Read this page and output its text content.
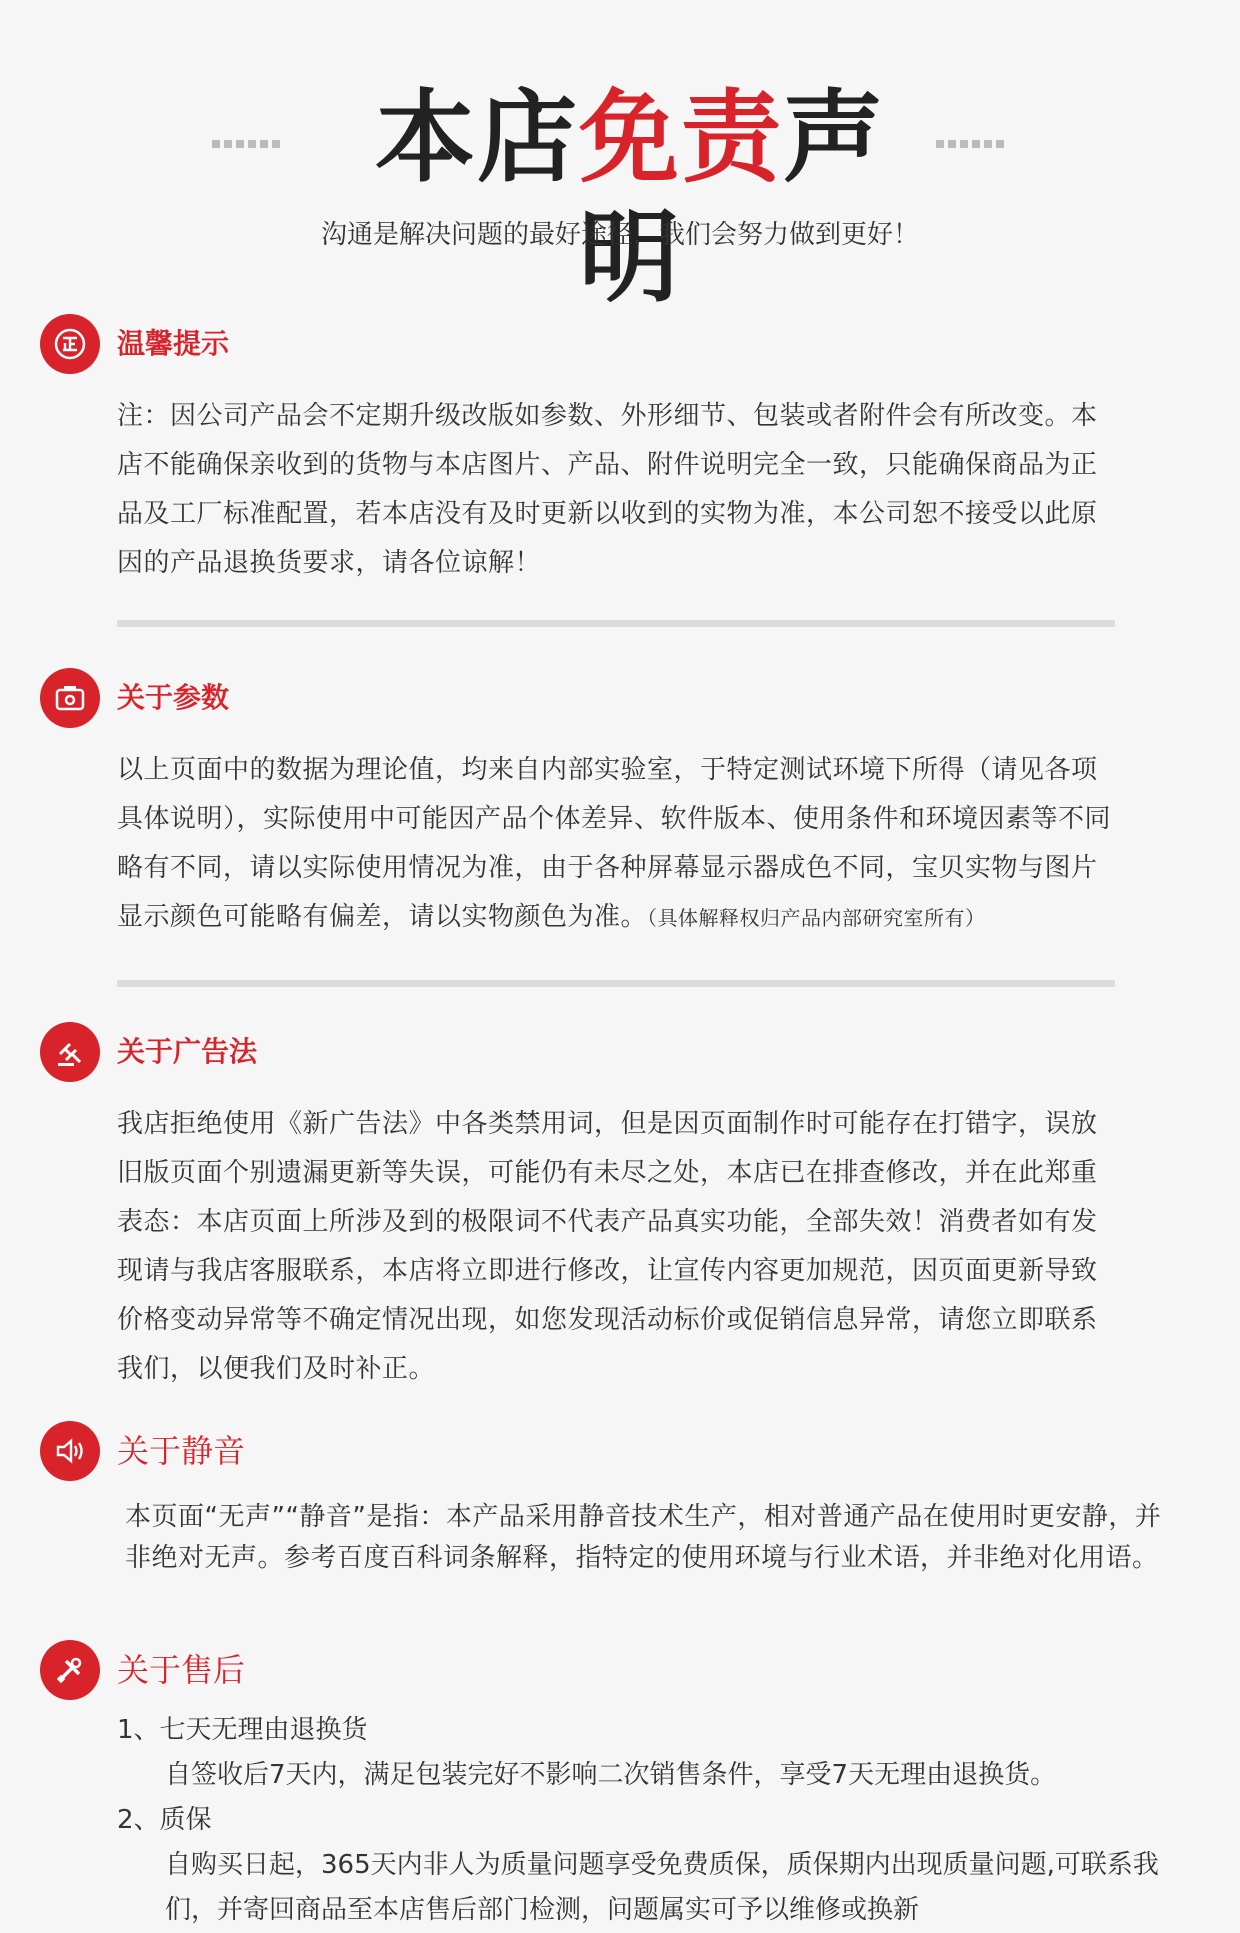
本店免责声明
沟通是解决问题的最好途径，我们会努力做到更好！
温馨提示
注：因公司产品会不定期升级改版如参数、外形细节、包装或者附件会有所改变。本店不能确保亲收到的货物与本店图片、产品、附件说明完全一致，只能确保商品为正品及工厂标准配置，若本店没有及时更新以收到的实物为准，本公司恕不接受以此原因的产品退换货要求，请各位谅解！
关于参数
以上页面中的数据为理论值，均来自内部实验室，于特定测试环境下所得（请见各项具体说明），实际使用中可能因产品个体差异、软件版本、使用条件和环境因素等不同略有不同，请以实际使用情况为准，由于各种屏幕显示器成色不同，宝贝实物与图片显示颜色可能略有偏差，请以实物颜色为准。（具体解释权归产品内部研究室所有）
关于广告法
我店拒绝使用《新广告法》中各类禁用词，但是因页面制作时可能存在打错字，误放旧版页面个别遗漏更新等失误，可能仍有未尽之处，本店已在排查修改，并在此郑重表态：本店页面上所涉及到的极限词不代表产品真实功能，全部失效！消费者如有发现请与我店客服联系，本店将立即进行修改，让宣传内容更加规范，因页面更新导致价格变动异常等不确定情况出现，如您发现活动标价或促销信息异常，请您立即联系我们，以便我们及时补正。
关于静音
本页面“无声”“静音”是指：本产品采用静音技术生产，相对普通产品在使用时更安静，并非绝对无声。参考百度百科词条解释，指特定的使用环境与行业术语，并非绝对化用语。
关于售后
1、七天无理由退换货
自签收后7天内，满足包装完好不影响二次销售条件，享受7天无理由退换货。
2、质保
自购买日起，365天内非人为质量问题享受免费质保，质保期内出现质量问题,可联系我们，并寄回商品至本店售后部门检测，问题属实可予以维修或换新
